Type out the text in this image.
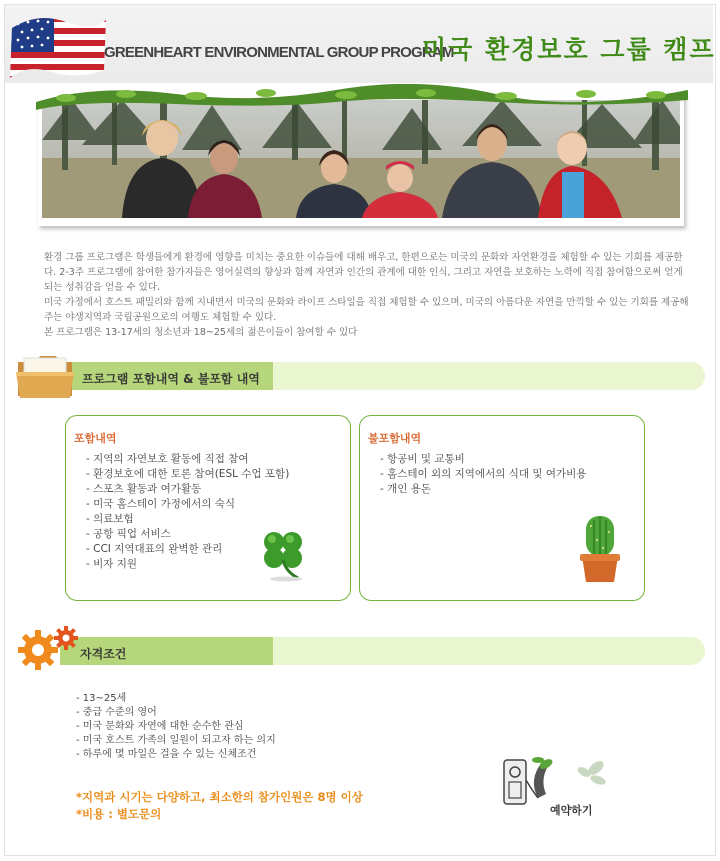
GREENHEART ENVIRONMENTAL GROUP PROGRAM
미국 환경보호 그룹 캠프

환경 그룹 프로그램은 학생들에게 환경에 영향을 미치는 중요한 이슈들에 대해 배우고, 한편으로는 미국의 문화와 자연환경을 체험할 수 있는 기회를 제공한다. 2-3주 프로그램에 참여한 참가자들은 영어실력의 향상과 함께 자연과 인간의 관계에 대한 인식, 그리고 자연을 보호하는 노력에 직접 참여함으로써 얻게 되는 성취감을 얻을 수 있다.

미국 가정에서 호스트 패밀리와 함께 지내면서 미국의 문화와 라이프 스타일을 직접 체험할 수 있으며, 미국의 아름다운 자연을 만끽할 수 있는 기회를 제공해주는 야생지역과 국립공원으로의 여행도 체험할 수 있다.

본 프로그램은 13-17세의 청소년과 18~25세의 젊은이들이 참여할 수 있다

프로그램 포함내역 & 불포함 내역
포함내역
- 지역의 자연보호 활동에 직접 참여
- 환경보호에 대한 토론 참여(ESL 수업 포함)
- 스포츠 활동과 여가활동
- 미국 홈스테이 가정에서의 숙식
- 의료보험
- 공항 픽업 서비스
- CCI 지역대표의 완벽한 관리
- 비자 지원
불포함내역
- 항공비 및 교통비
- 홈스테이 외의 지역에서의 식대 및 여가비용
- 개인 용돈
자격조건
- 13~25세
- 중급 수준의 영어
- 미국 문화와 자연에 대한 순수한 관심
- 미국 호스트 가족의 일원이 되고자 하는 의지
- 하루에 몇 마일은 걸을 수 있는 신체조건
*지역과 시기는 다양하고, 최소한의 참가인원은 8명 이상
*비용 : 별도문의	예약하기
